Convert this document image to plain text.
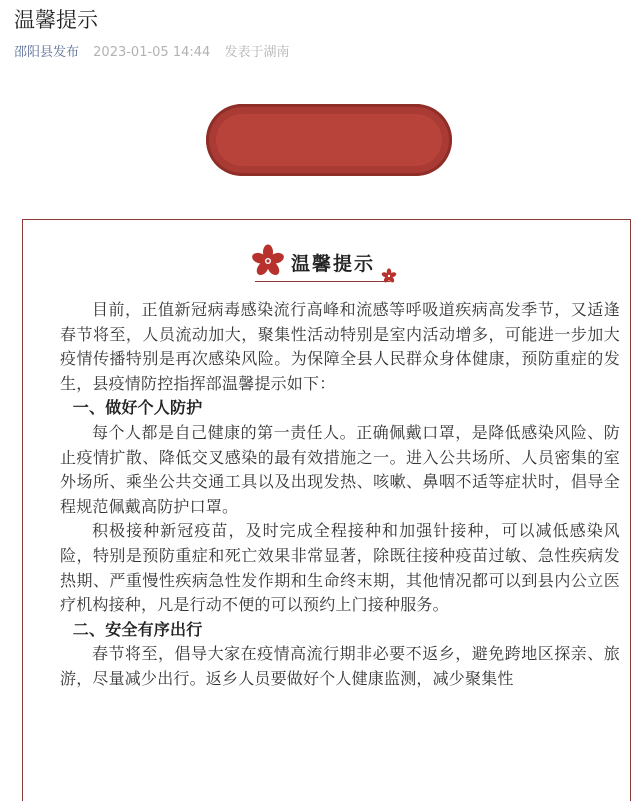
温馨提示
邵阳县发布 2023-01-05 14:44 发表于湖南
温馨提示

目前，正值新冠病毒感染流行高峰和流感等呼吸道疾病高发季节，又适逢春节将至，人员流动加大，聚集性活动特别是室内活动增多，可能进一步加大疫情传播特别是再次感染风险。为保障全县人民群众身体健康，预防重症的发生，县疫情防控指挥部温馨提示如下：

一、做好个人防护

每个人都是自己健康的第一责任人。正确佩戴口罩，是降低感染风险、防止疫情扩散、降低交叉感染的最有效措施之一。进入公共场所、人员密集的室外场所、乘坐公共交通工具以及出现发热、咳嗽、鼻咽不适等症状时，倡导全程规范佩戴高防护口罩。

积极接种新冠疫苗，及时完成全程接种和加强针接种，可以减低感染风险，特别是预防重症和死亡效果非常显著，除既往接种疫苗过敏、急性疾病发热期、严重慢性疾病急性发作期和生命终末期，其他情况都可以到县内公立医疗机构接种，凡是行动不便的可以预约上门接种服务。

二、安全有序出行

春节将至，倡导大家在疫情高流行期非必要不返乡，避免跨地区探亲、旅游，尽量减少出行。返乡人员要做好个人健康监测，减少聚集性
